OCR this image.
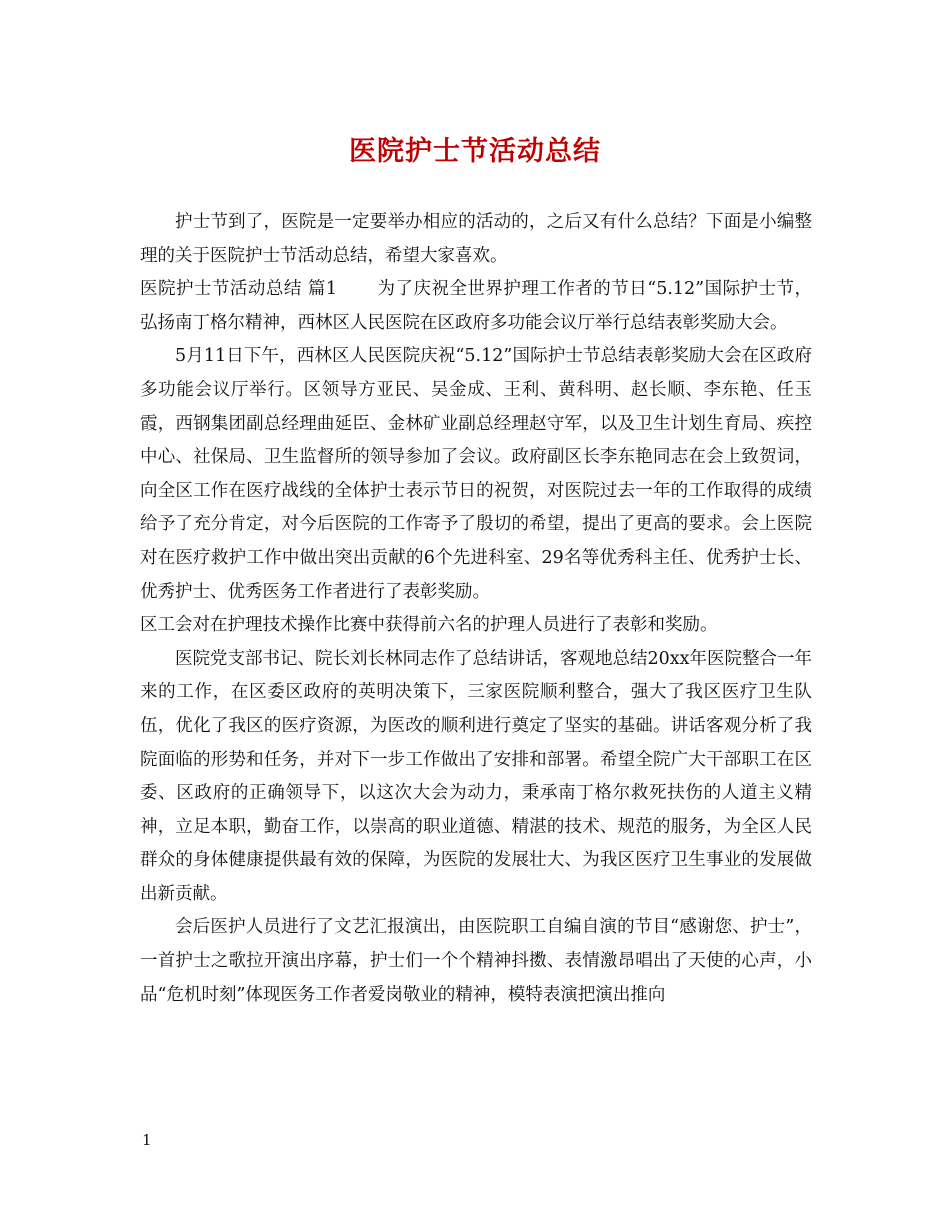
医院护士节活动总结

护士节到了，医院是一定要举办相应的活动的，之后又有什么总结？下面是小编整理的关于医院护士节活动总结，希望大家喜欢。

医院护士节活动总结 篇1 为了庆祝全世界护理工作者的节日“5.12”国际护士节，弘扬南丁格尔精神，西林区人民医院在区政府多功能会议厅举行总结表彰奖励大会。

5月11日下午，西林区人民医院庆祝“5.12”国际护士节总结表彰奖励大会在区政府多功能会议厅举行。区领导方亚民、吴金成、王利、黄科明、赵长顺、李东艳、任玉霞，西钢集团副总经理曲延臣、金林矿业副总经理赵守军，以及卫生计划生育局、疾控中心、社保局、卫生监督所的领导参加了会议。政府副区长李东艳同志在会上致贺词，向全区工作在医疗战线的全体护士表示节日的祝贺，对医院过去一年的工作取得的成绩给予了充分肯定，对今后医院的工作寄予了殷切的希望，提出了更高的要求。会上医院对在医疗救护工作中做出突出贡献的6个先进科室、29名等优秀科主任、优秀护士长、优秀护士、优秀医务工作者进行了表彰奖励。

区工会对在护理技术操作比赛中获得前六名的护理人员进行了表彰和奖励。

医院党支部书记、院长刘长林同志作了总结讲话，客观地总结20xx年医院整合一年来的工作，在区委区政府的英明决策下，三家医院顺利整合，强大了我区医疗卫生队伍，优化了我区的医疗资源，为医改的顺利进行奠定了坚实的基础。讲话客观分析了我院面临的形势和任务，并对下一步工作做出了安排和部署。希望全院广大干部职工在区委、区政府的正确领导下，以这次大会为动力，秉承南丁格尔救死扶伤的人道主义精神，立足本职，勤奋工作，以崇高的职业道德、精湛的技术、规范的服务，为全区人民群众的身体健康提供最有效的保障，为医院的发展壮大、为我区医疗卫生事业的发展做出新贡献。

会后医护人员进行了文艺汇报演出，由医院职工自编自演的节目“感谢您、护士”，一首护士之歌拉开演出序幕，护士们一个个精神抖擞、表情激昂唱出了天使的心声，小品“危机时刻”体现医务工作者爱岗敬业的精神，模特表演把演出推向

1
